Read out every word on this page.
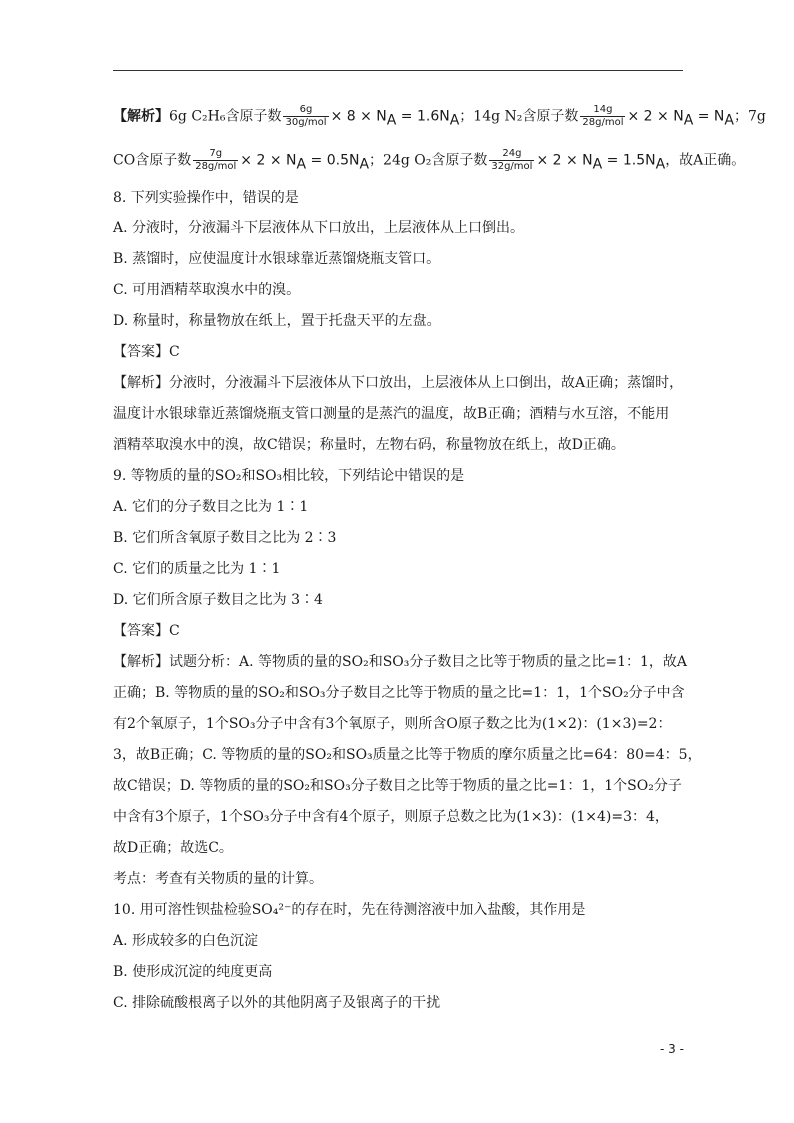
【解析】6g C₂H₆含原子数 $\frac{6g}{\text{30g/mol}} \times 8 \times N_A = 1.6N_A$；14g N₂含原子数 $\frac{14g}{\text{28g/mol}} \times 2 \times N_A = N_A$；7g
CO含原子数 $\frac{7g}{\text{28g/mol}} \times 2 \times N_A = 0.5N_A$；24g O₂含原子数 $\frac{24g}{\text{32g/mol}} \times 2 \times N_A = 1.5N_A$，故A正确。
8. 下列实验操作中，错误的是
A. 分液时，分液漏斗下层液体从下口放出，上层液体从上口倒出。
B. 蒸馏时，应使温度计水银球靠近蒸馏烧瓶支管口。
C. 可用酒精萃取溴水中的溴。
D. 称量时，称量物放在纸上，置于托盘天平的左盘。
【答案】C
【解析】分液时，分液漏斗下层液体从下口放出，上层液体从上口倒出，故A正确；蒸馏时，
温度计水银球靠近蒸馏烧瓶支管口测量的是蒸汽的温度，故B正确；酒精与水互溶，不能用
酒精萃取溴水中的溴，故C错误；称量时，左物右码，称量物放在纸上，故D正确。
9. 等物质的量的SO₂和SO₃相比较，下列结论中错误的是
A. 它们的分子数目之比为 1∶1
B. 它们所含氧原子数目之比为 2∶3
C. 它们的质量之比为 1∶1
D. 它们所含原子数目之比为 3∶4
【答案】C
【解析】试题分析：A. 等物质的量的SO₂和SO₃分子数目之比等于物质的量之比=1：1，故A
正确；B. 等物质的量的SO₂和SO₃分子数目之比等于物质的量之比=1：1，1个SO₂分子中含
有2个氧原子，1个SO₃分子中含有3个氧原子，则所含O原子数之比为(1×2)：(1×3)=2：
3，故B正确；C. 等物质的量的SO₂和SO₃质量之比等于物质的摩尔质量之比=64：80=4：5，
故C错误；D. 等物质的量的SO₂和SO₃分子数目之比等于物质的量之比=1：1，1个SO₂分子
中含有3个原子，1个SO₃分子中含有4个原子，则原子总数之比为(1×3)：(1×4)=3：4，
故D正确；故选C。
考点：考查有关物质的量的计算。
10. 用可溶性钡盐检验SO₄²⁻的存在时，先在待测溶液中加入盐酸，其作用是
A. 形成较多的白色沉淀
B. 使形成沉淀的纯度更高
C. 排除硫酸根离子以外的其他阴离子及银离子的干扰
- 3 -
